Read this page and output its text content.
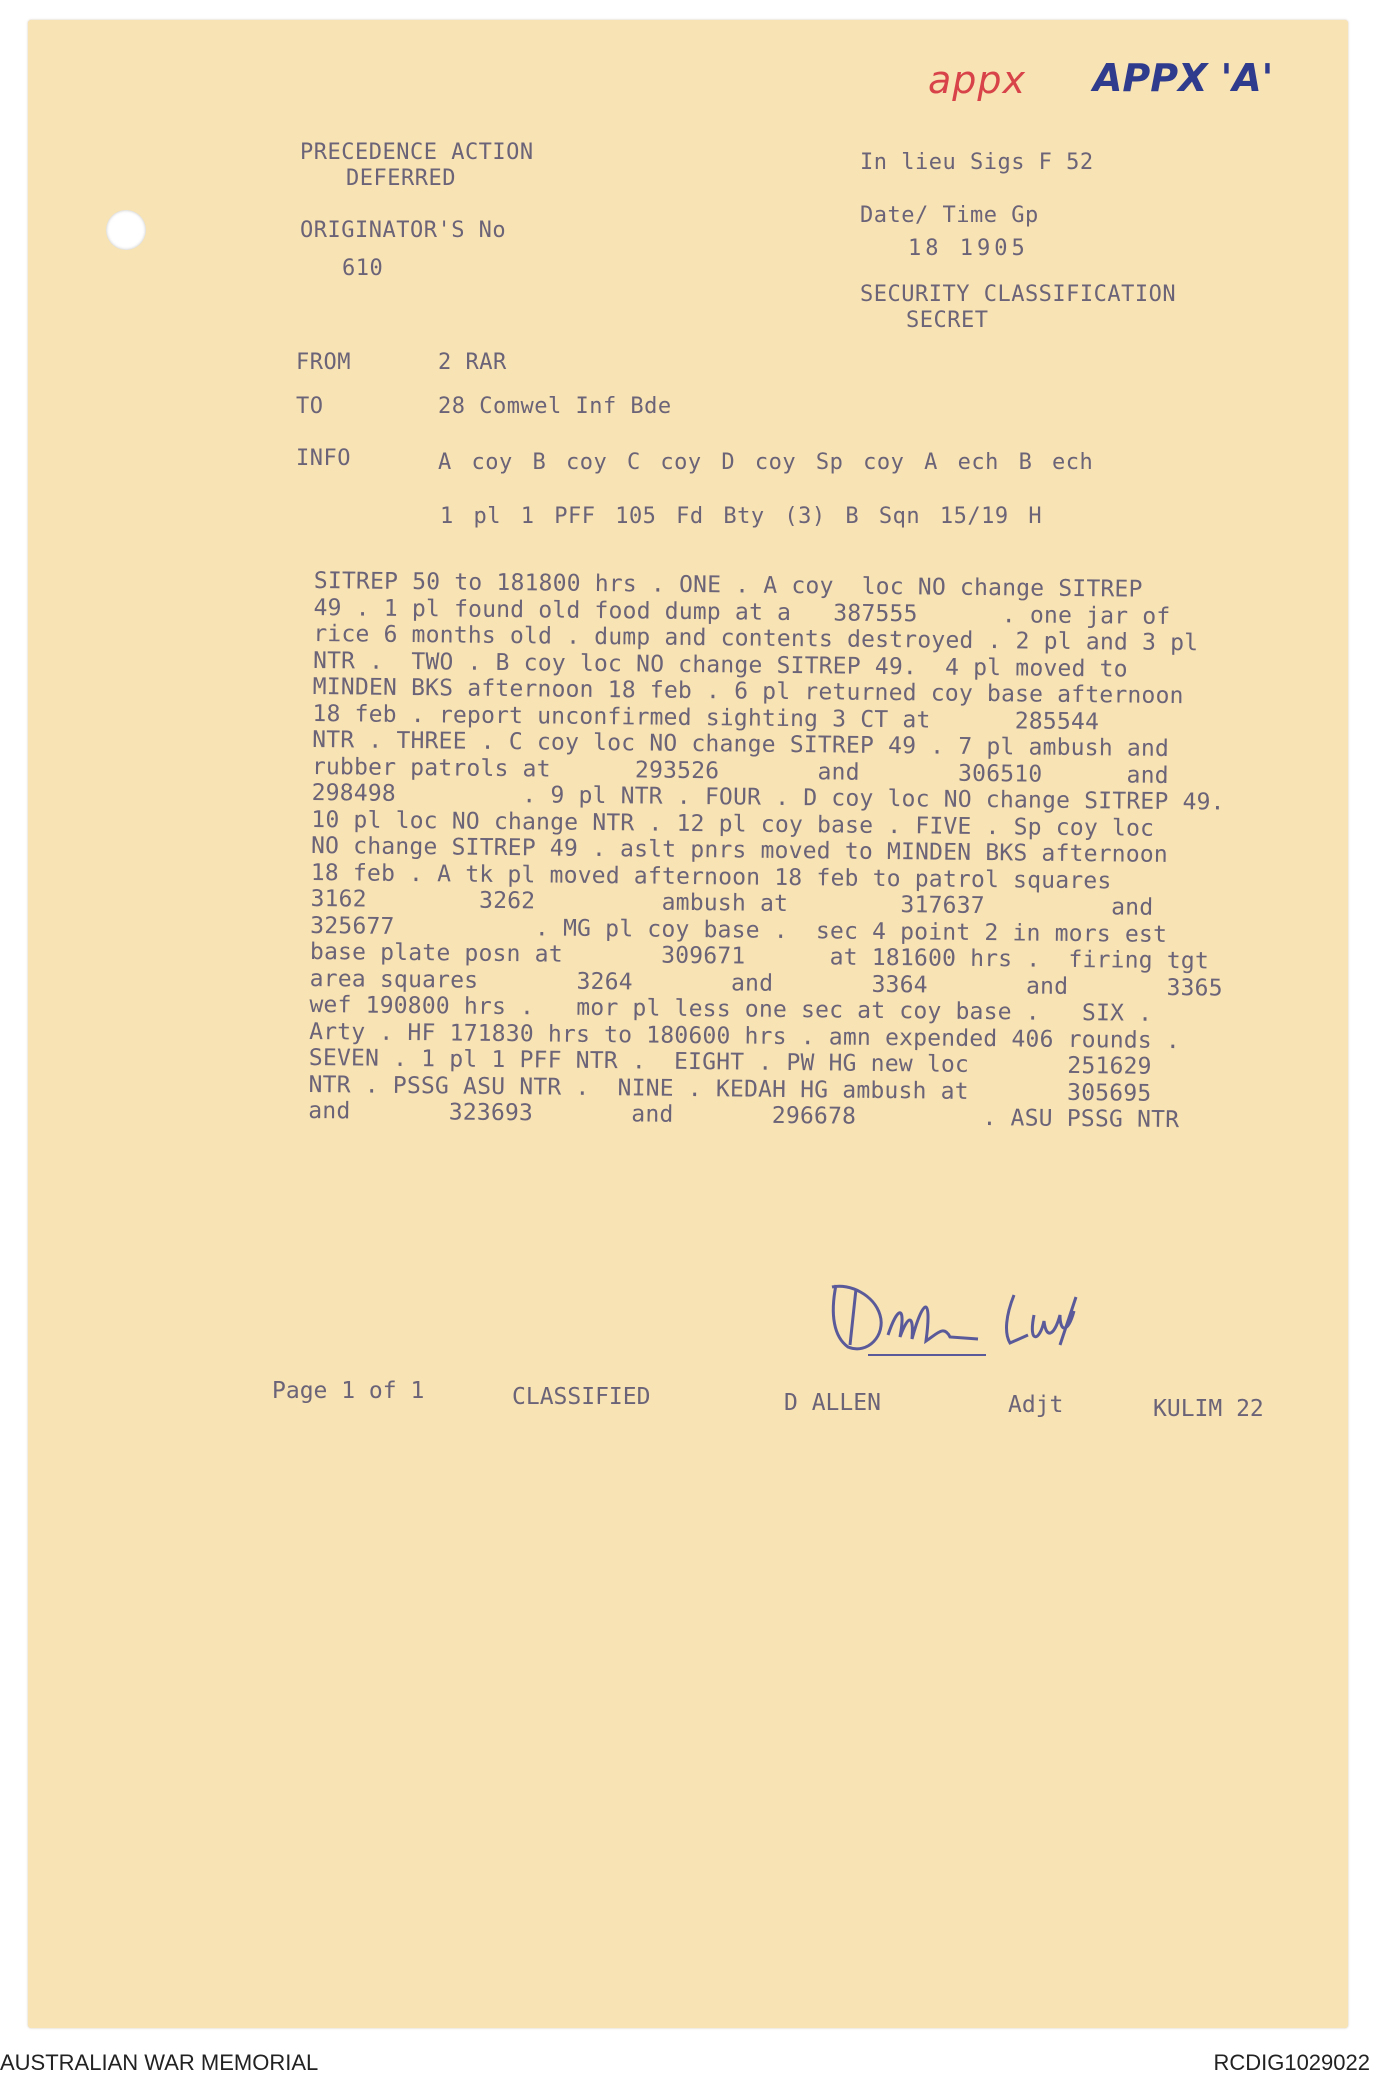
appx APPX 'A'
PRECEDENCE ACTION
DEFERRED
In lieu Sigs F 52
ORIGINATOR'S No
610
Date/ Time Gp
18 1905
SECURITY CLASSIFICATION
SECRET
FROM	2 RAR
TO	28 Comwel Inf Bde
INFO	A coy B coy C coy D coy Sp coy A ech B ech
1 pl 1 PFF 105 Fd Bty (3) B Sqn 15/19 H
SITREP 50 to 181800 hrs . ONE . A coy  loc NO change SITREP
49 . 1 pl found old food dump at a   387555      . one jar of
rice 6 months old . dump and contents destroyed . 2 pl and 3 pl
NTR .  TWO . B coy loc NO change SITREP 49.  4 pl moved to
MINDEN BKS afternoon 18 feb . 6 pl returned coy base afternoon
18 feb . report unconfirmed sighting 3 CT at      285544
NTR . THREE . C coy loc NO change SITREP 49 . 7 pl ambush and
rubber patrols at      293526       and       306510      and
298498         . 9 pl NTR . FOUR . D coy loc NO change SITREP 49.
10 pl loc NO change NTR . 12 pl coy base . FIVE . Sp coy loc
NO change SITREP 49 . aslt pnrs moved to MINDEN BKS afternoon
18 feb . A tk pl moved afternoon 18 feb to patrol squares
3162        3262         ambush at        317637         and
325677          . MG pl coy base .  sec 4 point 2 in mors est
base plate posn at       309671      at 181600 hrs .  firing tgt
area squares       3264       and       3364       and       3365
wef 190800 hrs .   mor pl less one sec at coy base .   SIX .
Arty . HF 171830 hrs to 180600 hrs . amn expended 406 rounds .
SEVEN . 1 pl 1 PFF NTR .  EIGHT . PW HG new loc       251629
NTR . PSSG ASU NTR .  NINE . KEDAH HG ambush at       305695
and       323693       and       296678         . ASU PSSG NTR
Page 1 of 1	CLASSIFIED	D ALLEN	Adjt	KULIM 22
AUSTRALIAN WAR MEMORIAL	RCDIG1029022
